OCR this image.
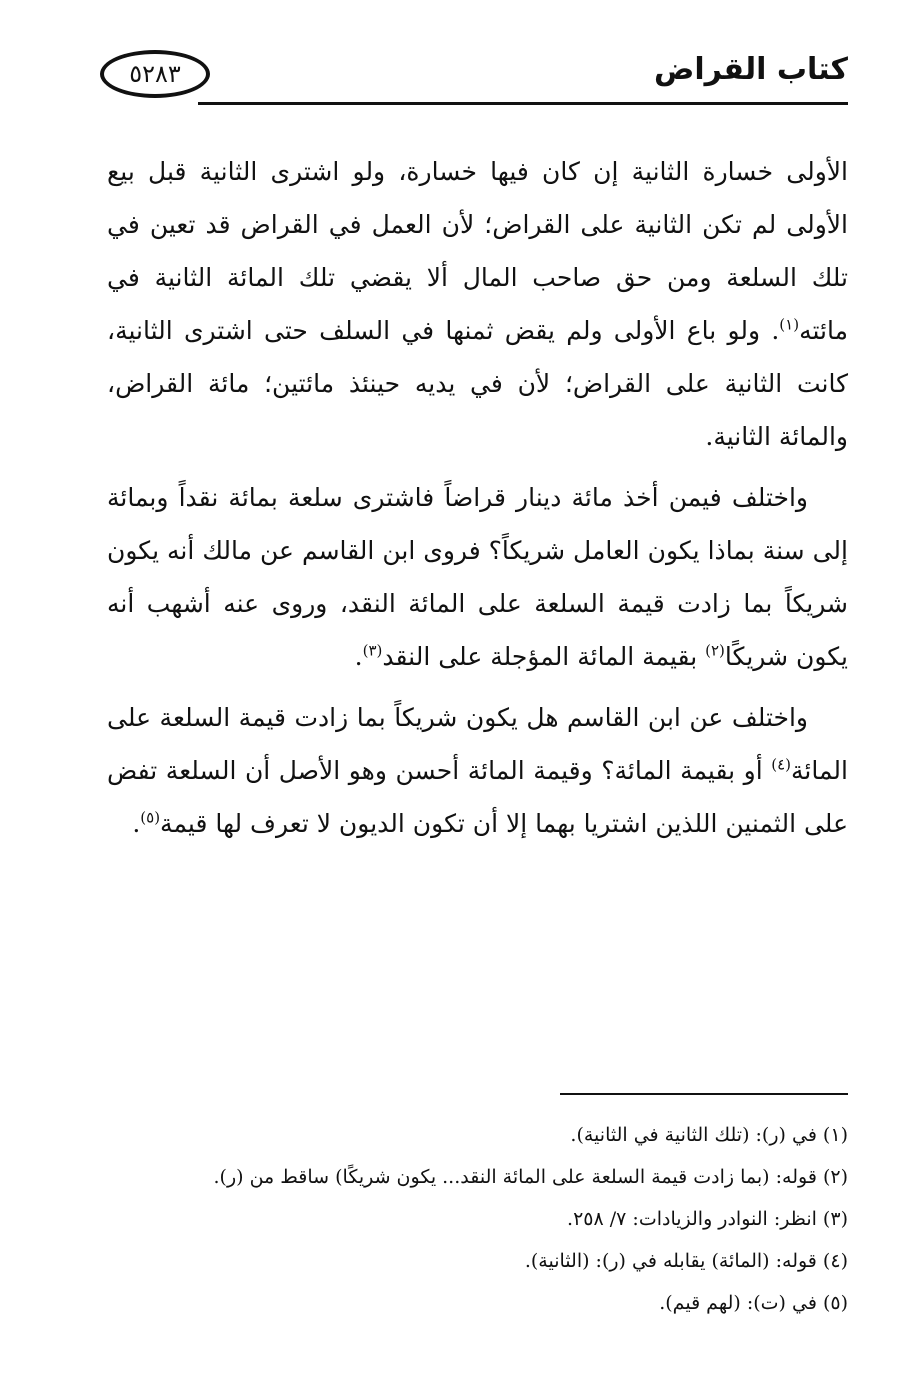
٥٢٨٣	كتاب القراض

الأولى خسارة الثانية إن كان فيها خسارة، ولو اشترى الثانية قبل بيع الأولى لم تكن الثانية على القراض؛ لأن العمل في القراض قد تعين في تلك السلعة ومن حق صاحب المال ألا يقضي تلك المائة الثانية في مائته$^{(١)}$. ولو باع الأولى ولم يقض ثمنها في السلف حتى اشترى الثانية، كانت الثانية على القراض؛ لأن في يديه حينئذ مائتين؛ مائة القراض، والمائة الثانية.

واختلف فيمن أخذ مائة دينار قراضاً فاشترى سلعة بمائة نقداً وبمائة إلى سنة بماذا يكون العامل شريكاً؟ فروى ابن القاسم عن مالك أنه يكون شريكاً بما زادت قيمة السلعة على المائة النقد، وروى عنه أشهب أنه يكون شريكًا$^{(٢)}$ بقيمة المائة المؤجلة على النقد$^{(٣)}$.

واختلف عن ابن القاسم هل يكون شريكاً بما زادت قيمة السلعة على المائة$^{(٤)}$ أو بقيمة المائة؟ وقيمة المائة أحسن وهو الأصل أن السلعة تفض على الثمنين اللذين اشتريا بهما إلا أن تكون الديون لا تعرف لها قيمة$^{(٥)}$.

(١) في (ر): (تلك الثانية في الثانية).
(٢) قوله: (بما زادت قيمة السلعة على المائة النقد... يكون شريكًا) ساقط من (ر).
(٣) انظر: النوادر والزيادات: ٧/ ٢٥٨.
(٤) قوله: (المائة) يقابله في (ر): (الثانية).
(٥) في (ت): (لهم قيم).
